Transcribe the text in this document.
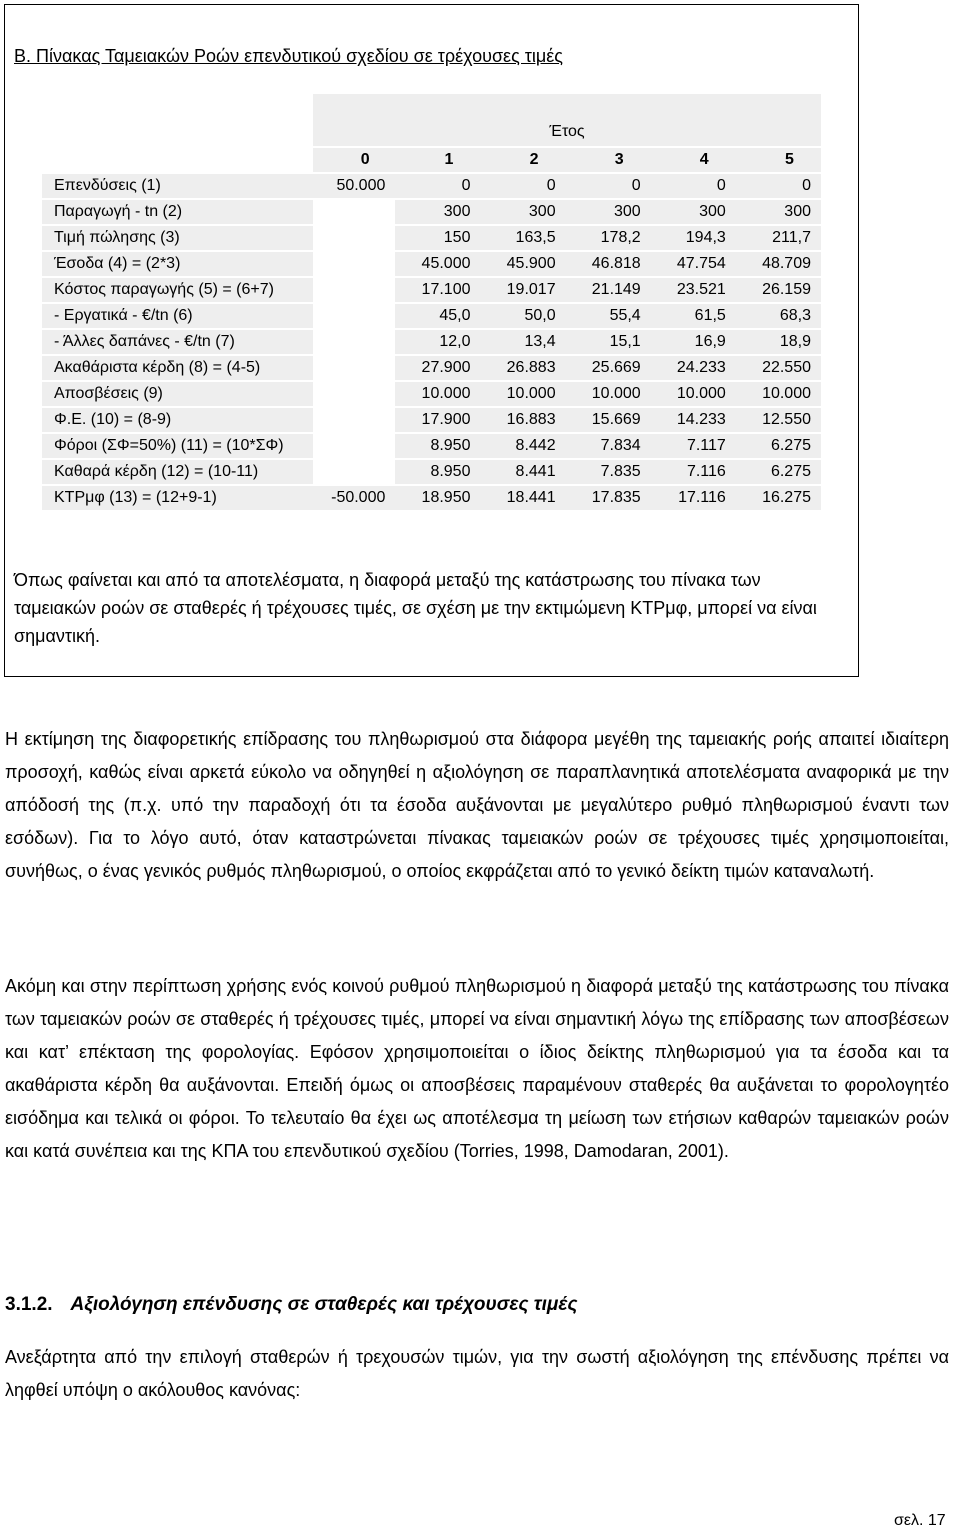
B. Πίνακας Ταμειακών Ροών επενδυτικού σχεδίου σε τρέχουσες τιμές
	Έτος					
	0	1	2	3	4	5
Επενδύσεις (1)	50.000	0	0	0	0	0
Παραγωγή - tn (2)		300	300	300	300	300
Τιμή πώλησης (3)		150	163,5	178,2	194,3	211,7
Έσοδα (4) = (2*3)		45.000	45.900	46.818	47.754	48.709
Κόστος παραγωγής (5) = (6+7)		17.100	19.017	21.149	23.521	26.159
- Εργατικά - €/tn (6)		45,0	50,0	55,4	61,5	68,3
- Άλλες δαπάνες - €/tn (7)		12,0	13,4	15,1	16,9	18,9
Ακαθάριστα κέρδη (8) = (4-5)		27.900	26.883	25.669	24.233	22.550
Αποσβέσεις (9)		10.000	10.000	10.000	10.000	10.000
Φ.Ε. (10) = (8-9)		17.900	16.883	15.669	14.233	12.550
Φόροι (ΣΦ=50%) (11) = (10*ΣΦ)		8.950	8.442	7.834	7.117	6.275
Καθαρά κέρδη (12) = (10-11)		8.950	8.441	7.835	7.116	6.275
ΚΤΡμφ (13) = (12+9-1)	-50.000	18.950	18.441	17.835	17.116	16.275
Όπως φαίνεται και από τα αποτελέσματα, η διαφορά μεταξύ της κατάστρωσης του πίνακα των ταμειακών ροών σε σταθερές ή τρέχουσες τιμές, σε σχέση με την εκτιμώμενη ΚΤΡμφ, μπορεί να είναι σημαντική.

Η εκτίμηση της διαφορετικής επίδρασης του πληθωρισμού στα διάφορα μεγέθη της ταμειακής ροής απαιτεί ιδιαίτερη προσοχή, καθώς είναι αρκετά εύκολο να οδηγηθεί η αξιολόγηση σε παραπλανητικά αποτελέσματα αναφορικά με την απόδοσή της (π.χ. υπό την παραδοχή ότι τα έσοδα αυξάνονται με μεγαλύτερο ρυθμό πληθωρισμού έναντι των εσόδων). Για το λόγο αυτό, όταν καταστρώνεται πίνακας ταμειακών ροών σε τρέχουσες τιμές χρησιμοποιείται, συνήθως, ο ένας γενικός ρυθμός πληθωρισμού, ο οποίος εκφράζεται από το γενικό δείκτη τιμών καταναλωτή.

Ακόμη και στην περίπτωση χρήσης ενός κοινού ρυθμού πληθωρισμού η διαφορά μεταξύ της κατάστρωσης του πίνακα των ταμειακών ροών σε σταθερές ή τρέχουσες τιμές, μπορεί να είναι σημαντική λόγω της επίδρασης των αποσβέσεων και κατ’ επέκταση της φορολογίας. Εφόσον χρησιμοποιείται ο ίδιος δείκτης πληθωρισμού για τα έσοδα και τα ακαθάριστα κέρδη θα αυξάνονται. Επειδή όμως οι αποσβέσεις παραμένουν σταθερές θα αυξάνεται το φορολογητέο εισόδημα και τελικά οι φόροι. Το τελευταίο θα έχει ως αποτέλεσμα τη μείωση των ετήσιων καθαρών ταμειακών ροών και κατά συνέπεια και της ΚΠΑ του επενδυτικού σχεδίου (Torries, 1998, Damodaran, 2001).

3.1.2. Αξιολόγηση επένδυσης σε σταθερές και τρέχουσες τιμές

Ανεξάρτητα από την επιλογή σταθερών ή τρεχουσών τιμών, για την σωστή αξιολόγηση της επένδυσης πρέπει να ληφθεί υπόψη ο ακόλουθος κανόνας:

σελ. 17
